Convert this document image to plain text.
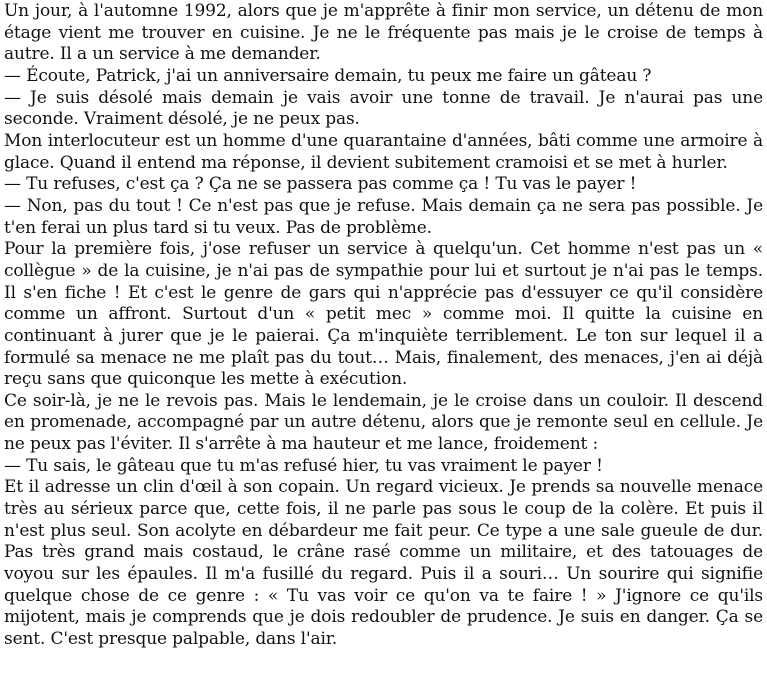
Un jour, à l'automne 1992, alors que je m'apprête à finir mon service, un détenu de mon étage vient me trouver en cuisine. Je ne le fréquente pas mais je le croise de temps à autre. Il a un service à me demander.

— Écoute, Patrick, j'ai un anniversaire demain, tu peux me faire un gâteau ?

— Je suis désolé mais demain je vais avoir une tonne de travail. Je n'aurai pas une seconde. Vraiment désolé, je ne peux pas.

Mon interlocuteur est un homme d'une quarantaine d'années, bâti comme une armoire à glace. Quand il entend ma réponse, il devient subitement cramoisi et se met à hurler.

— Tu refuses, c'est ça ? Ça ne se passera pas comme ça ! Tu vas le payer !

— Non, pas du tout ! Ce n'est pas que je refuse. Mais demain ça ne sera pas possible. Je t'en ferai un plus tard si tu veux. Pas de problème.

Pour la première fois, j'ose refuser un service à quelqu'un. Cet homme n'est pas un « collègue » de la cuisine, je n'ai pas de sympathie pour lui et surtout je n'ai pas le temps. Il s'en fiche ! Et c'est le genre de gars qui n'apprécie pas d'essuyer ce qu'il considère comme un affront. Surtout d'un « petit mec » comme moi. Il quitte la cuisine en continuant à jurer que je le paierai. Ça m'inquiète terriblement. Le ton sur lequel il a formulé sa menace ne me plaît pas du tout… Mais, finalement, des menaces, j'en ai déjà reçu sans que quiconque les mette à exécution.

Ce soir-là, je ne le revois pas. Mais le lendemain, je le croise dans un couloir. Il descend en promenade, accompagné par un autre détenu, alors que je remonte seul en cellule. Je ne peux pas l'éviter. Il s'arrête à ma hauteur et me lance, froidement :

— Tu sais, le gâteau que tu m'as refusé hier, tu vas vraiment le payer !

Et il adresse un clin d'œil à son copain. Un regard vicieux. Je prends sa nouvelle menace très au sérieux parce que, cette fois, il ne parle pas sous le coup de la colère. Et puis il n'est plus seul. Son acolyte en débardeur me fait peur. Ce type a une sale gueule de dur. Pas très grand mais costaud, le crâne rasé comme un militaire, et des tatouages de voyou sur les épaules. Il m'a fusillé du regard. Puis il a souri… Un sourire qui signifie quelque chose de ce genre : « Tu vas voir ce qu'on va te faire ! » J'ignore ce qu'ils mijotent, mais je comprends que je dois redoubler de prudence. Je suis en danger. Ça se sent. C'est presque palpable, dans l'air.
